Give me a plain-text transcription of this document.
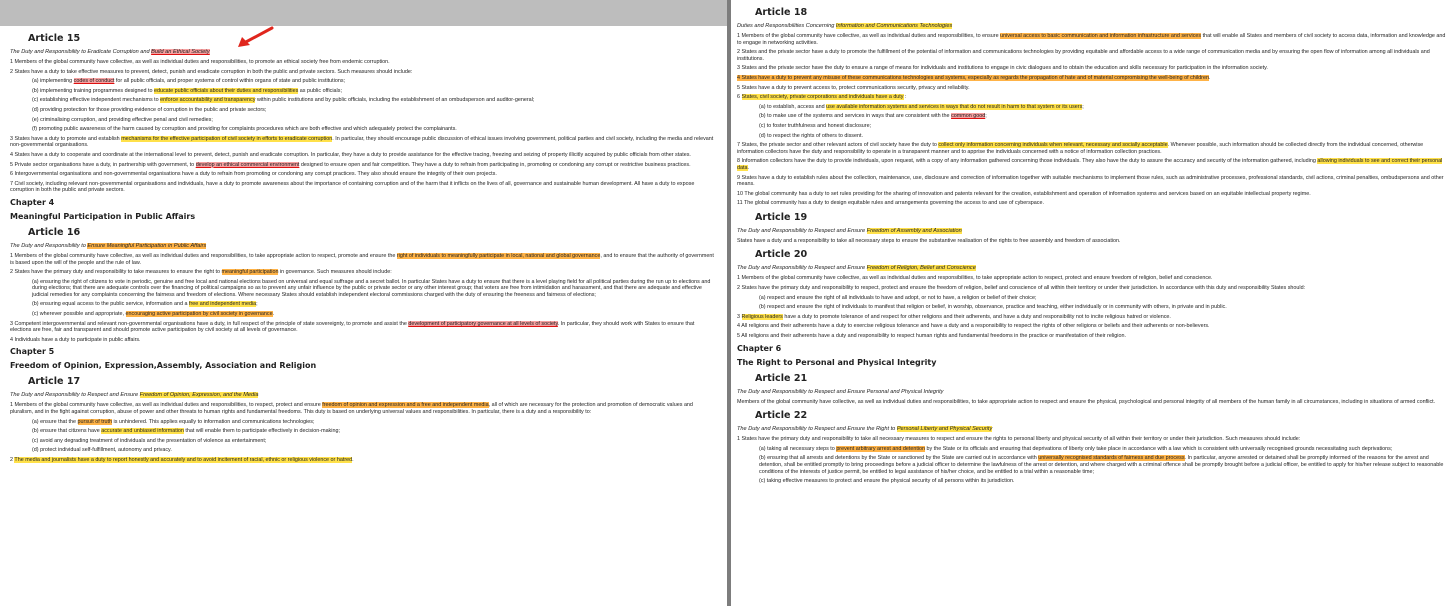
Article 15
The Duty and Responsibility to Eradicate Corruption and Build an Ethical Society
1 Members of the global community have collective, as well as individual duties and responsibilities, to promote an ethical society free from endemic corruption.
2 States have a duty to take effective measures to prevent, detect, punish and eradicate corruption in both the public and private sectors. Such measures should include:
(a) implementing codes of conduct for all public officials, and proper systems of control within organs of state and public institutions;
(b) implementing training programmes designed to educate public officials about their duties and responsibilities as public officials;
(c) establishing effective independent mechanisms to enforce accountability and transparency within public institutions and by public officials, including the establishment of an ombudsperson and auditor-general;
(d) providing protection for those providing evidence of corruption in the public and private sectors;
(e) criminalising corruption, and providing effective penal and civil remedies;
(f) promoting public awareness of the harm caused by corruption and providing for complaints procedures which are both effective and which adequately protect the complainants.
3 States have a duty to promote and establish mechanisms for the effective participation of civil society in efforts to eradicate corruption. In particular, they should encourage public discussion of ethical issues involving government, political parties and civil society, including the media and relevant non-governmental organisations.
4 States have a duty to cooperate and coordinate at the international level to prevent, detect, punish and eradicate corruption. In particular, they have a duty to provide assistance for the effective tracing, freezing and seizing of property illicitly acquired by public officials from other states.
5 Private sector organisations have a duty, in partnership with government, to develop an ethical commercial environment designed to ensure open and fair competition. They have a duty to refrain from participating in, promoting or condoning any corrupt or restrictive business practices.
6 Intergovernmental organisations and non-governmental organisations have a duty to refrain from promoting or condoning any corrupt practices. They also should ensure the integrity of their own projects.
7 Civil society, including relevant non-governmental organisations and individuals, have a duty to promote awareness about the importance of containing corruption and of the harm that it inflicts on the lives of all, governance and sustainable human development. All have a duty to expose corruption in both the public and private sectors.
Chapter 4
Meaningful Participation in Public Affairs
Article 16
The Duty and Responsibility to Ensure Meaningful Participation in Public Affairs
1 Members of the global community have collective, as well as individual duties and responsibilities, to take appropriate action to respect, promote and ensure the right of individuals to meaningfully participate in local, national and global governance, and to ensure that the authority of government is based upon the will of the people and the rule of law.
2 States have the primary duty and responsibility to take measures to ensure the right to meaningful participation in governance. Such measures should include:
(a) ensuring the right of citizens to vote in periodic, genuine and free local and national elections based on universal and equal suffrage and a secret ballot. In particular States have a duty to ensure that there is a level playing field for all political parties during the run up to elections and during elections; that there are adequate controls over the financing of political campaigns so as to prevent any unfair influence by the public or private sector or any other interest group; that voters are free from intimidation and harassment, and that there are adequate and effective judicial remedies for any complaints concerning the fairness and freedom of elections. Where necessary States should establish independent electoral commissions charged with the duty of ensuring the freeness and fairness of elections;
(b) ensuring equal access to the public service, information and a free and independent media;
(c) wherever possible and appropriate, encouraging active participation by civil society in governance.
3 Competent intergovernmental and relevant non-governmental organisations have a duty, in full respect of the principle of state sovereignty, to promote and assist the development of participatory governance at all levels of society. In particular, they should work with States to ensure that elections are free, fair and transparent and should promote active participation by civil society at all levels of governance.
4 Individuals have a duty to participate in public affairs.
Chapter 5
Freedom of Opinion, Expression,Assembly, Association and Religion
Article 17
The Duty and Responsibility to Respect and Ensure Freedom of Opinion, Expression, and the Media
1 Members of the global community have collective, as well as individual duties and responsibilities, to respect, protect and ensure freedom of opinion and expression and a free and independent media, all of which are necessary for the protection and promotion of democratic values and pluralism, and in the fight against corruption, abuse of power and other threats to human rights and fundamental freedoms. This duty is based on underlying universal values and responsibilities. In particular, there is a duty and a responsibility to:
(a) ensure that the pursuit of truth is unhindered. This applies equally to information and communications technologies;
(b) ensure that citizens have accurate and unbiased information that will enable them to participate effectively in decision-making;
(c) avoid any degrading treatment of individuals and the presentation of violence as entertainment;
(d) protect individual self-fulfillment, autonomy and privacy.
2 The media and journalists have a duty to report honestly and accurately and to avoid incitement of racial, ethnic or religious violence or hatred.
Article 18
Duties and Responsibilities Concerning Information and Communications Technologies
1 Members of the global community have collective, as well as individual duties and responsibilities, to ensure universal access to basic communication and information infrastructure and services that will enable all States and members of civil society to access data, information and knowledge and to engage in networking activities.
2 States and the private sector have a duty to promote the fulfillment of the potential of information and communications technologies by providing equitable and affordable access to a wide range of communication media and by ensuring the open flow of information among all individuals and institutions.
3 States and the private sector have the duty to ensure a range of means for individuals and institutions to engage in civic dialogues and to obtain the education and skills necessary for participation in the information society.
4 States have a duty to prevent any misuse of these communications technologies and systems, especially as regards the propagation of hate and of material compromising the well-being of children.
5 States have a duty to prevent access to, protect communications security, privacy and reliability.
6 States, civil society, private corporations and individuals have a duty :
(a) to establish, access and use available information systems and services in ways that do not result in harm to that system or its users;
(b) to make use of the systems and services in ways that are consistent with the common good;
(c) to foster truthfulness and honest disclosure;
(d) to respect the rights of others to dissent.
7 States, the private sector and other relevant actors of civil society have the duty to collect only information concerning individuals when relevant, necessary and socially acceptable. Whenever possible, such information should be collected directly from the individual concerned, otherwise information collectors have the duty and responsibility to operate in a transparent manner and to apprise the individuals concerned with a notice of information collection practices.
8 Information collectors have the duty to provide individuals, upon request, with a copy of any information gathered concerning those individuals. They also have the duty to assure the accuracy and security of the information gathered, including allowing individuals to see and correct their personal data.
9 States have a duty to establish rules about the collection, maintenance, use, disclosure and correction of information together with suitable mechanisms to implement those rules, such as administrative processes, professional standards, civil actions, criminal penalties, ombudspersons and other means.
10 The global community has a duty to set rules providing for the sharing of innovation and patents relevant for the creation, establishment and operation of information systems and services based on an equitable intellectual property regime.
11 The global community has a duty to design equitable rules and arrangements governing the access to and use of cyberspace.
Article 19
The Duty and Responsibility to Respect and Ensure Freedom of Assembly and Association
States have a duty and a responsibility to take all necessary steps to ensure the substantive realisation of the rights to free assembly and freedom of association.
Article 20
The Duty and Responsibility to Respect and Ensure Freedom of Religion, Belief and Conscience
1 Members of the global community have collective, as well as individual duties and responsibilities, to take appropriate action to respect, protect and ensure freedom of religion, belief and conscience.
2 States have the primary duty and responsibility to respect, protect and ensure the freedom of religion, belief and conscience of all within their territory or under their jurisdiction. In accordance with this duty and responsibility States should:
(a) respect and ensure the right of all individuals to have and adopt, or not to have, a religion or belief of their choice;
(b) respect and ensure the right of individuals to manifest that religion or belief, in worship, observance, practice and teaching, either individually or in community with others, in private and in public.
3 Religious leaders have a duty to promote tolerance of and respect for other religions and their adherents, and have a duty and responsibility not to incite religious hatred or violence.
4 All religions and their adherents have a duty to exercise religious tolerance and have a duty and a responsibility to respect the rights of other religions or beliefs and their adherents or non-believers.
5 All religions and their adherents have a duty and responsibility to respect human rights and fundamental freedoms in the practice or manifestation of their religion.
Chapter 6
The Right to Personal and Physical Integrity
Article 21
The Duty and Responsibility to Respect and Ensure Personal and Physical Integrity
Members of the global community have collective, as well as individual duties and responsibilities, to take appropriate action to respect and ensure the physical, psychological and personal integrity of all members of the human family in all circumstances, including in situations of armed conflict.
Article 22
The Duty and Responsibility to Respect and Ensure the Right to Personal Liberty and Physical Security
1 States have the primary duty and responsibility to take all necessary measures to respect and ensure the rights to personal liberty and physical security of all within their territory or under their jurisdiction. Such measures should include:
(a) taking all necessary steps to prevent arbitrary arrest and detention by the State or its officials and ensuring that deprivations of liberty only take place in accordance with a law which is consistent with universally recognised grounds necessitating such deprivations;
(b) ensuring that all arrests and detentions by the State or sanctioned by the State are carried out in accordance with universally recognised standards of fairness and due process. In particular, anyone arrested or detained shall be promptly informed of the reasons for the arrest and detention, shall be entitled promptly to bring proceedings before a judicial officer to determine the lawfulness of the arrest or detention, and where charged with a criminal offence shall be promptly brought before a judicial officer, be entitled to apply for his/her release subject to reasonable conditions of the interests of justice permit, be entitled to legal assistance of his/her choice, and be entitled to a trial within a reasonable time;
(c) taking effective measures to protect and ensure the physical security of all persons within its jurisdiction.
